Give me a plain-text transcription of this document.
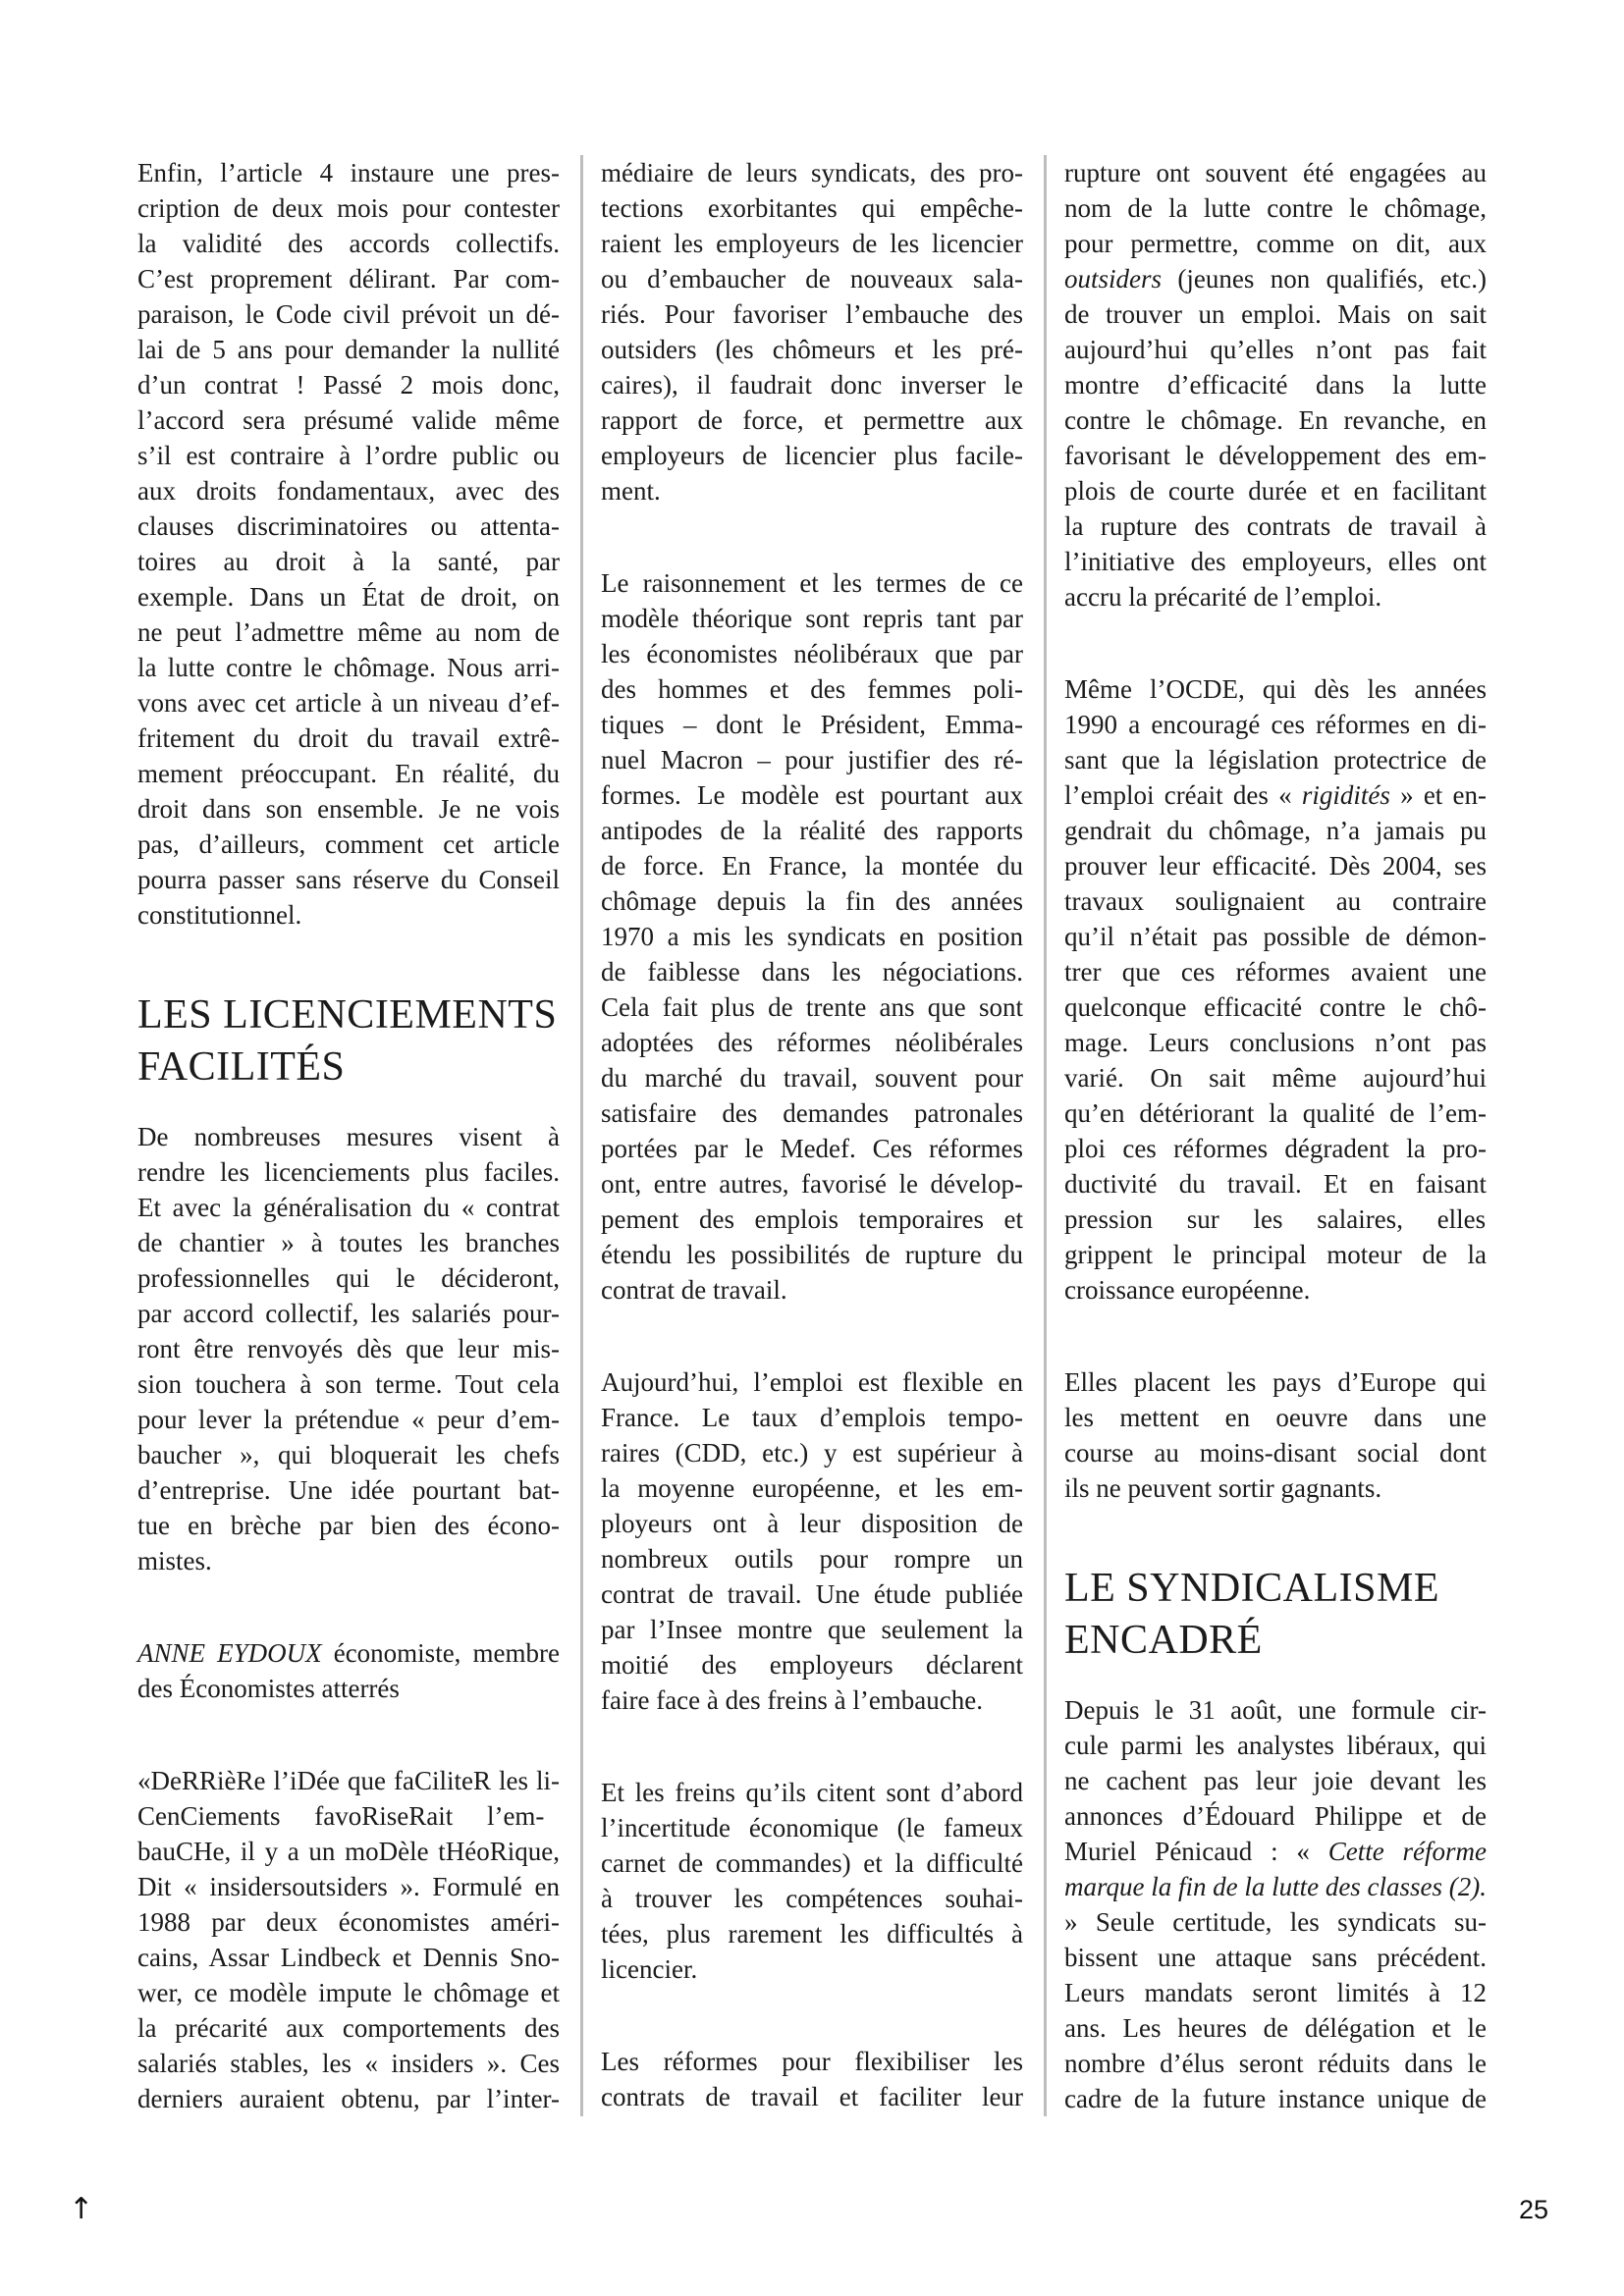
Enfin, l’article 4 instaure une pres-
cription de deux mois pour contester
la validité des accords collectifs.
C’est proprement délirant. Par com-
paraison, le Code civil prévoit un dé-
lai de 5 ans pour demander la nullité
d’un contrat ! Passé 2 mois donc,
l’accord sera présumé valide même
s’il est contraire à l’ordre public ou
aux droits fondamentaux, avec des
clauses discriminatoires ou attenta-
toires au droit à la santé, par
exemple. Dans un État de droit, on
ne peut l’admettre même au nom de
la lutte contre le chômage. Nous arri-
vons avec cet article à un niveau d’ef-
fritement du droit du travail extrê-
mement préoccupant. En réalité, du
droit dans son ensemble. Je ne vois
pas, d’ailleurs, comment cet article
pourra passer sans réserve du Conseil
constitutionnel.
LES LICENCIEMENTS
FACILITÉS
De nombreuses mesures visent à
rendre les licenciements plus faciles.
Et avec la généralisation du « contrat
de chantier » à toutes les branches
professionnelles qui le décideront,
par accord collectif, les salariés pour-
ront être renvoyés dès que leur mis-
sion touchera à son terme. Tout cela
pour lever la prétendue « peur d’em-
baucher », qui bloquerait les chefs
d’entreprise. Une idée pourtant bat-
tue en brèche par bien des écono-
mistes.
ANNE EYDOUX économiste, membre
des Économistes atterrés
«DeRRièRe l’iDée que faCiliteR les li-
CenCiements favoRiseRait l’em-
bauCHe, il y a un moDèle tHéoRique,
Dit « insidersoutsiders ». Formulé en
1988 par deux économistes améri-
cains, Assar Lindbeck et Dennis Sno-
wer, ce modèle impute le chômage et
la précarité aux comportements des
salariés stables, les « insiders ». Ces
derniers auraient obtenu, par l’inter-
médiaire de leurs syndicats, des pro-
tections exorbitantes qui empêche-
raient les employeurs de les licencier
ou d’embaucher de nouveaux sala-
riés. Pour favoriser l’embauche des
outsiders (les chômeurs et les pré-
caires), il faudrait donc inverser le
rapport de force, et permettre aux
employeurs de licencier plus facile-
ment.
Le raisonnement et les termes de ce
modèle théorique sont repris tant par
les économistes néolibéraux que par
des hommes et des femmes poli-
tiques – dont le Président, Emma-
nuel Macron – pour justifier des ré-
formes. Le modèle est pourtant aux
antipodes de la réalité des rapports
de force. En France, la montée du
chômage depuis la fin des années
1970 a mis les syndicats en position
de faiblesse dans les négociations.
Cela fait plus de trente ans que sont
adoptées des réformes néolibérales
du marché du travail, souvent pour
satisfaire des demandes patronales
portées par le Medef. Ces réformes
ont, entre autres, favorisé le dévelop-
pement des emplois temporaires et
étendu les possibilités de rupture du
contrat de travail.
Aujourd’hui, l’emploi est flexible en
France. Le taux d’emplois tempo-
raires (CDD, etc.) y est supérieur à
la moyenne européenne, et les em-
ployeurs ont à leur disposition de
nombreux outils pour rompre un
contrat de travail. Une étude publiée
par l’Insee montre que seulement la
moitié des employeurs déclarent
faire face à des freins à l’embauche.
Et les freins qu’ils citent sont d’abord
l’incertitude économique (le fameux
carnet de commandes) et la difficulté
à trouver les compétences souhai-
tées, plus rarement les difficultés à
licencier.
Les réformes pour flexibiliser les
contrats de travail et faciliter leur
rupture ont souvent été engagées au
nom de la lutte contre le chômage,
pour permettre, comme on dit, aux
outsiders (jeunes non qualifiés, etc.)
de trouver un emploi. Mais on sait
aujourd’hui qu’elles n’ont pas fait
montre d’efficacité dans la lutte
contre le chômage. En revanche, en
favorisant le développement des em-
plois de courte durée et en facilitant
la rupture des contrats de travail à
l’initiative des employeurs, elles ont
accru la précarité de l’emploi.
Même l’OCDE, qui dès les années
1990 a encouragé ces réformes en di-
sant que la législation protectrice de
l’emploi créait des « rigidités » et en-
gendrait du chômage, n’a jamais pu
prouver leur efficacité. Dès 2004, ses
travaux soulignaient au contraire
qu’il n’était pas possible de démon-
trer que ces réformes avaient une
quelconque efficacité contre le chô-
mage. Leurs conclusions n’ont pas
varié. On sait même aujourd’hui
qu’en détériorant la qualité de l’em-
ploi ces réformes dégradent la pro-
ductivité du travail. Et en faisant
pression sur les salaires, elles
grippent le principal moteur de la
croissance européenne.
Elles placent les pays d’Europe qui
les mettent en oeuvre dans une
course au moins-disant social dont
ils ne peuvent sortir gagnants.
LE SYNDICALISME
ENCADRÉ
Depuis le 31 août, une formule cir-
cule parmi les analystes libéraux, qui
ne cachent pas leur joie devant les
annonces d’Édouard Philippe et de
Muriel Pénicaud : « Cette réforme
marque la fin de la lutte des classes (2).
» Seule certitude, les syndicats su-
bissent une attaque sans précédent.
Leurs mandats seront limités à 12
ans. Les heures de délégation et le
nombre d’élus seront réduits dans le
cadre de la future instance unique de
↑	25
